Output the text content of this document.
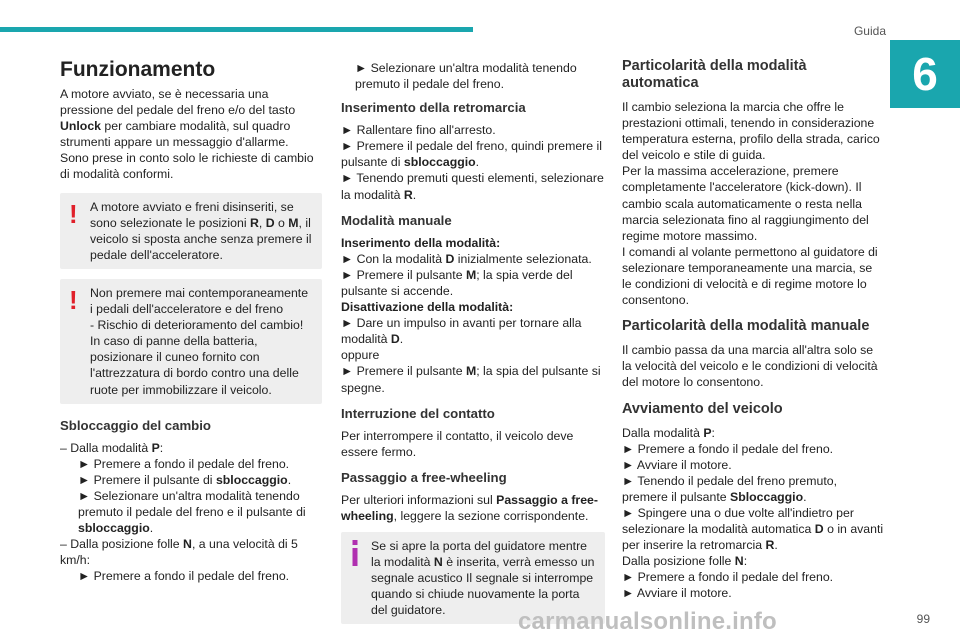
Guida
6
Funzionamento

A motore avviato, se è necessaria una pressione del pedale del freno e/o del tasto Unlock per cambiare modalità, sul quadro strumenti appare un messaggio d'allarme.

Sono prese in conto solo le richieste di cambio di modalità conformi.

!	A motore avviato e freni disinseriti, se sono selezionate le posizioni R, D o M, il veicolo si sposta anche senza premere il pedale dell'acceleratore.
! Non premere mai contemporaneamente i pedali dell'acceleratore e del freno

- Rischio di deterioramento del cambio!

In caso di panne della batteria, posizionare il cuneo fornito con l'attrezzatura di bordo contro una delle ruote per immobilizzare il veicolo.

Sbloccaggio del cambio

– Dalla modalità P:

► Premere a fondo il pedale del freno.

► Premere il pulsante di sbloccaggio.

► Selezionare un'altra modalità tenendo premuto il pedale del freno e il pulsante di sbloccaggio.

– Dalla posizione folle N, a una velocità di 5 km/h:

► Premere a fondo il pedale del freno.

► Selezionare un'altra modalità tenendo premuto il pedale del freno.

Inserimento della retromarcia

► Rallentare fino all'arresto.

► Premere il pedale del freno, quindi premere il pulsante di sbloccaggio.

► Tenendo premuti questi elementi, selezionare la modalità R.

Modalità manuale

Inserimento della modalità:

► Con la modalità D inizialmente selezionata.

► Premere il pulsante M; la spia verde del pulsante si accende.

Disattivazione della modalità:

► Dare un impulso in avanti per tornare alla modalità D.

oppure

► Premere il pulsante M; la spia del pulsante si spegne.

Interruzione del contatto

Per interrompere il contatto, il veicolo deve essere fermo.

Passaggio a free-wheeling

Per ulteriori informazioni sul Passaggio a free-wheeling, leggere la sezione corrispondente.

Se si apre la porta del guidatore mentre la modalità N è inserita, verrà emesso un segnale acustico Il segnale si interrompe quando si chiude nuovamente la porta del guidatore.
Particolarità della modalità automatica

Il cambio seleziona la marcia che offre le prestazioni ottimali, tenendo in considerazione temperatura esterna, profilo della strada, carico del veicolo e stile di guida.

Per la massima accelerazione, premere completamente l'acceleratore (kick-down). Il cambio scala automaticamente o resta nella marcia selezionata fino al raggiungimento del regime motore massimo.

I comandi al volante permettono al guidatore di selezionare temporaneamente una marcia, se le condizioni di velocità e di regime motore lo consentono.

Particolarità della modalità manuale

Il cambio passa da una marcia all'altra solo se la velocità del veicolo e le condizioni di velocità del motore lo consentono.

Avviamento del veicolo

Dalla modalità P:

► Premere a fondo il pedale del freno.

► Avviare il motore.

► Tenendo il pedale del freno premuto, premere il pulsante Sbloccaggio.

► Spingere una o due volte all'indietro per selezionare la modalità automatica D o in avanti per inserire la retromarcia R.

Dalla posizione folle N:

► Premere a fondo il pedale del freno.

► Avviare il motore.

carmanualsonline.info	99
